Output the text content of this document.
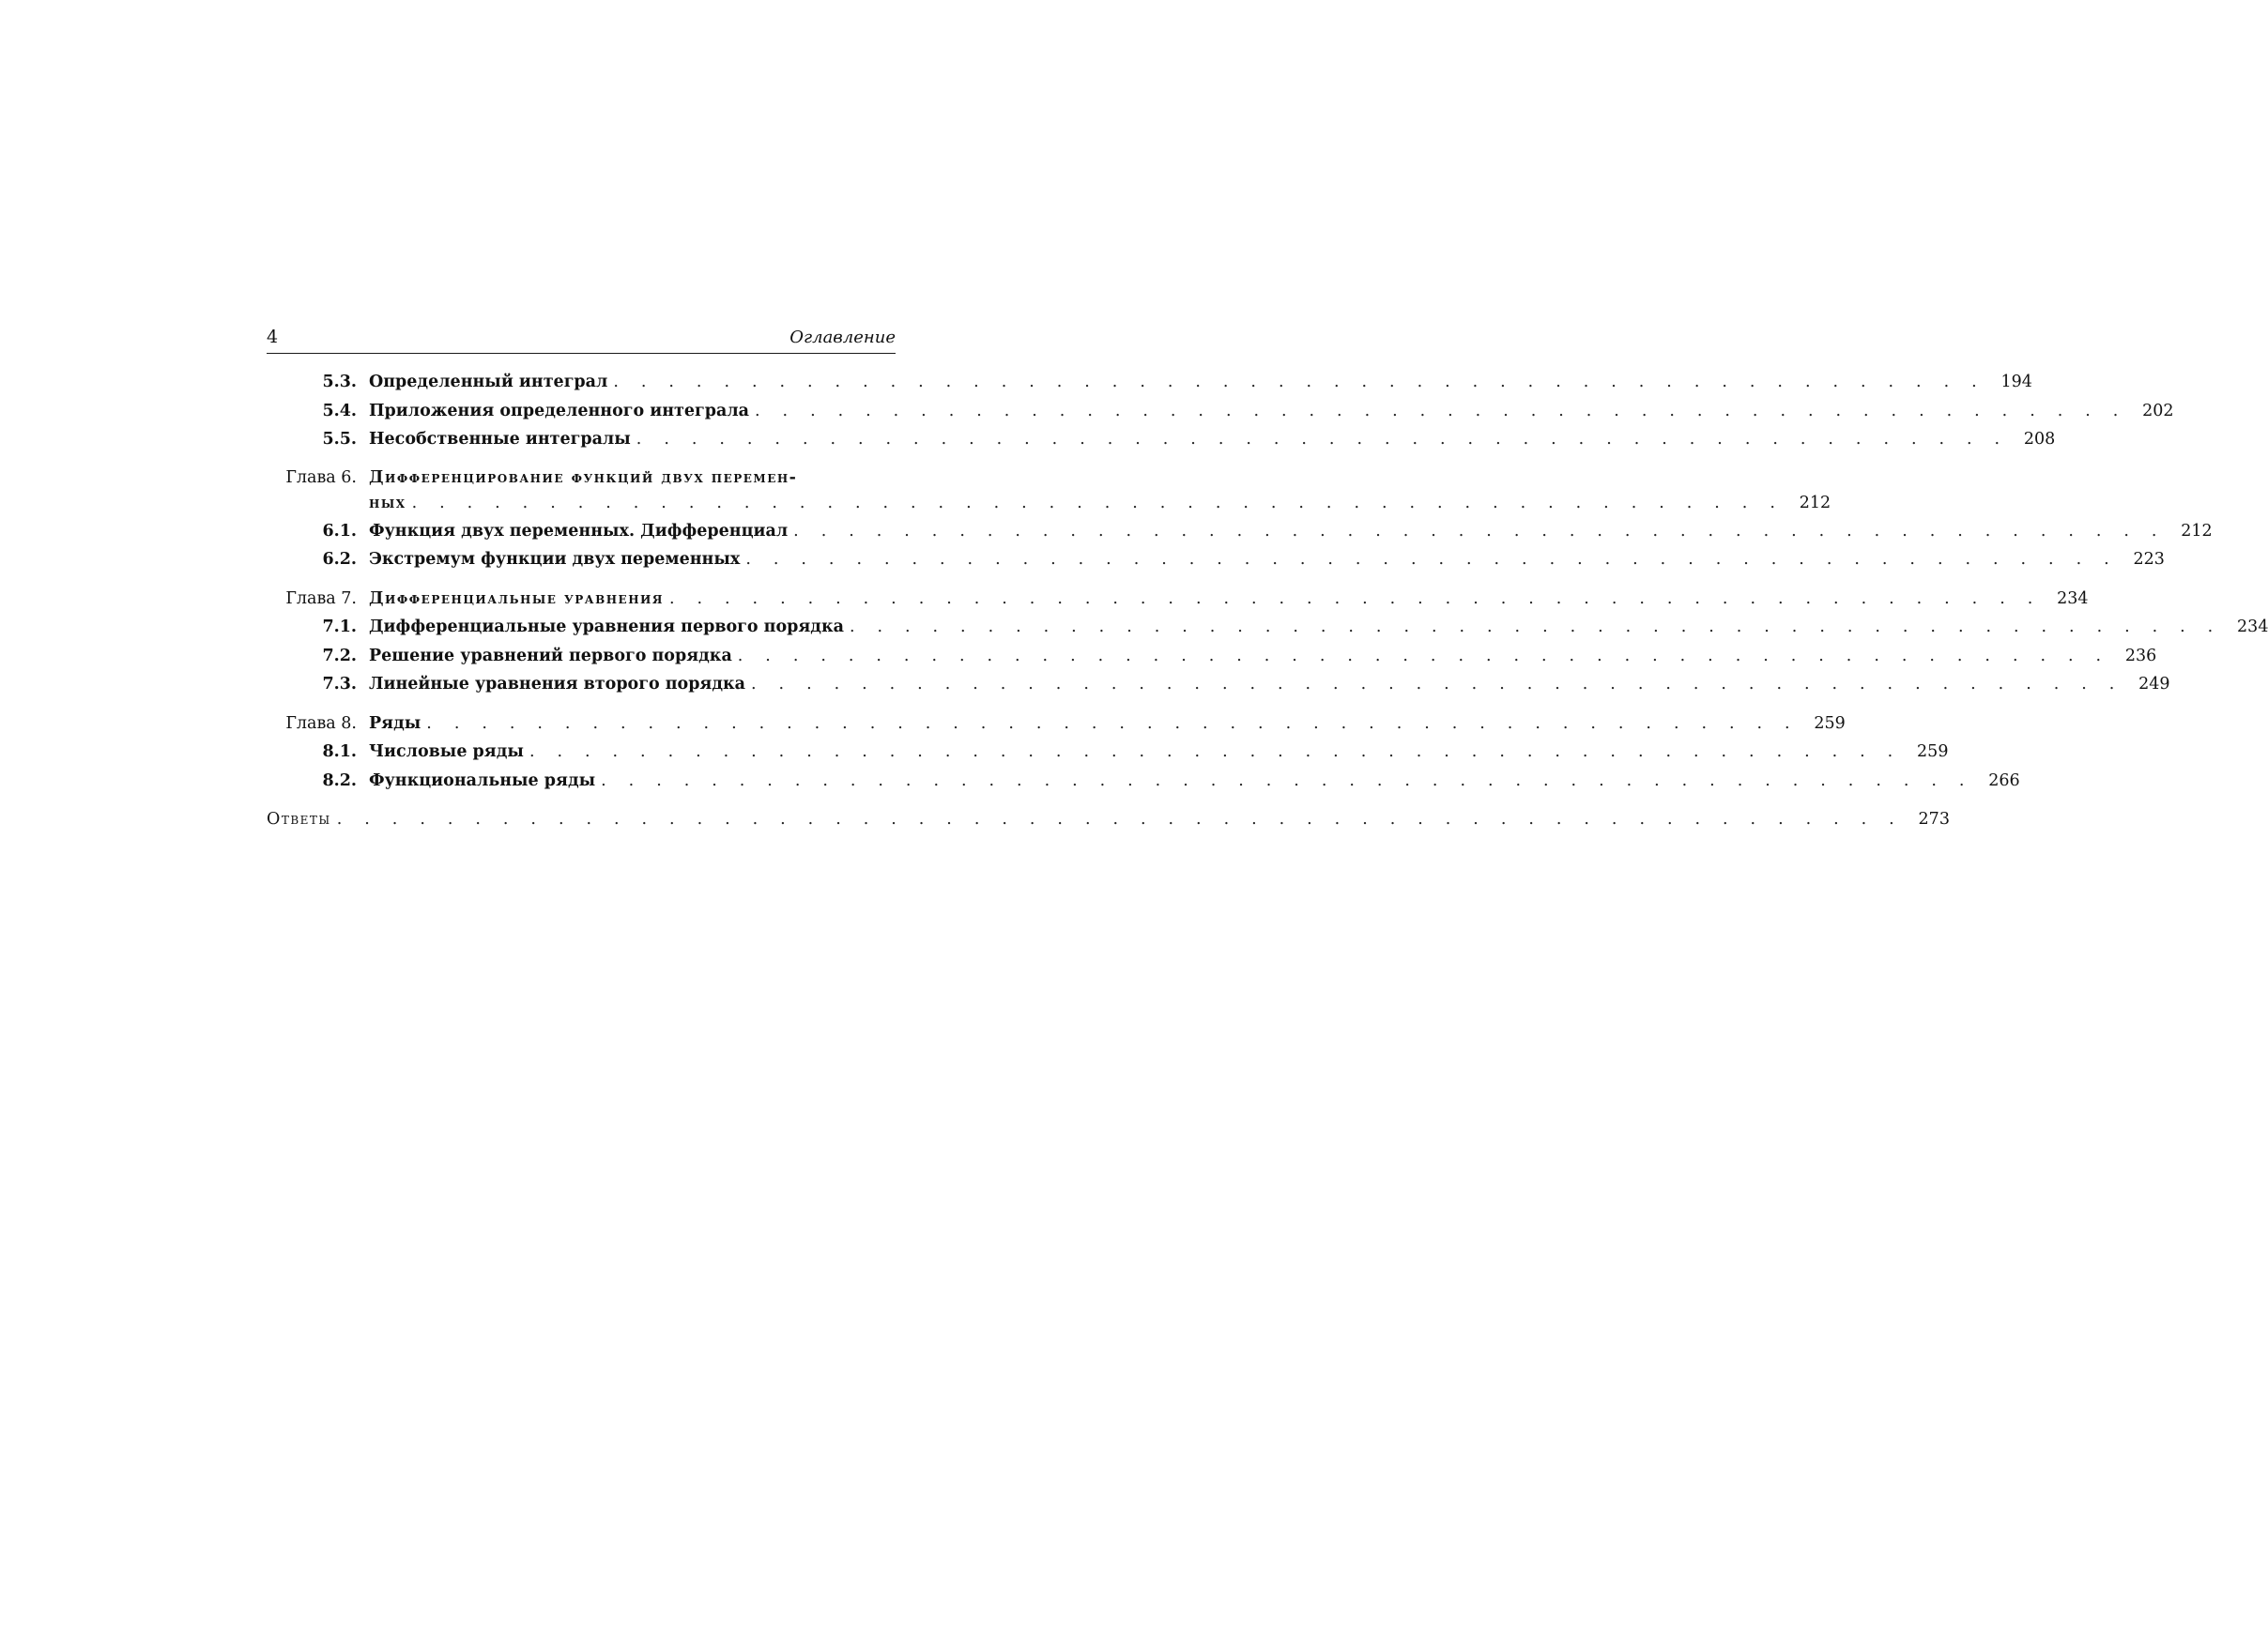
4	Оглавление
5.3. Определенный интеграл . . . . . . . . . . . . . . . . . . . . . . . . . . . . . . . . . . . . . . . . . . . . . . . . . . 194
5.4. Приложения определенного интеграла . . . . . . . . . . . . . . . . . . . . . . . . . . . . . . . . . . . . . . . . . . . . . . . . . . 202
5.5. Несобственные интегралы . . . . . . . . . . . . . . . . . . . . . . . . . . . . . . . . . . . . . . . . . . . . . . . . . . 208
Глава 6. Дифференцирование функций двух перемен-
ных . . . . . . . . . . . . . . . . . . . . . . . . . . . . . . . . . . . . . . . . . . . . . . . . . . 212
6.1. Функция двух переменных. Дифференциал . . . . . . . . . . . . . . . . . . . . . . . . . . . . . . . . . . . . . . . . . . . . . . . . . . 212
6.2. Экстремум функции двух переменных . . . . . . . . . . . . . . . . . . . . . . . . . . . . . . . . . . . . . . . . . . . . . . . . . . 223
Глава 7. Дифференциальные уравнения . . . . . . . . . . . . . . . . . . . . . . . . . . . . . . . . . . . . . . . . . . . . . . . . . . 234
7.1. Дифференциальные уравнения первого порядка . . . . . . . . . . . . . . . . . . . . . . . . . . . . . . . . . . . . . . . . . . . . . . . . . . 234
7.2. Решение уравнений первого порядка . . . . . . . . . . . . . . . . . . . . . . . . . . . . . . . . . . . . . . . . . . . . . . . . . . 236
7.3. Линейные уравнения второго порядка . . . . . . . . . . . . . . . . . . . . . . . . . . . . . . . . . . . . . . . . . . . . . . . . . . 249
Глава 8. Ряды . . . . . . . . . . . . . . . . . . . . . . . . . . . . . . . . . . . . . . . . . . . . . . . . . . 259
8.1. Числовые ряды . . . . . . . . . . . . . . . . . . . . . . . . . . . . . . . . . . . . . . . . . . . . . . . . . . 259
8.2. Функциональные ряды . . . . . . . . . . . . . . . . . . . . . . . . . . . . . . . . . . . . . . . . . . . . . . . . . . 266
Ответы . . . . . . . . . . . . . . . . . . . . . . . . . . . . . . . . . . . . . . . . . . . . . . . . . . . . . . . . . 273
